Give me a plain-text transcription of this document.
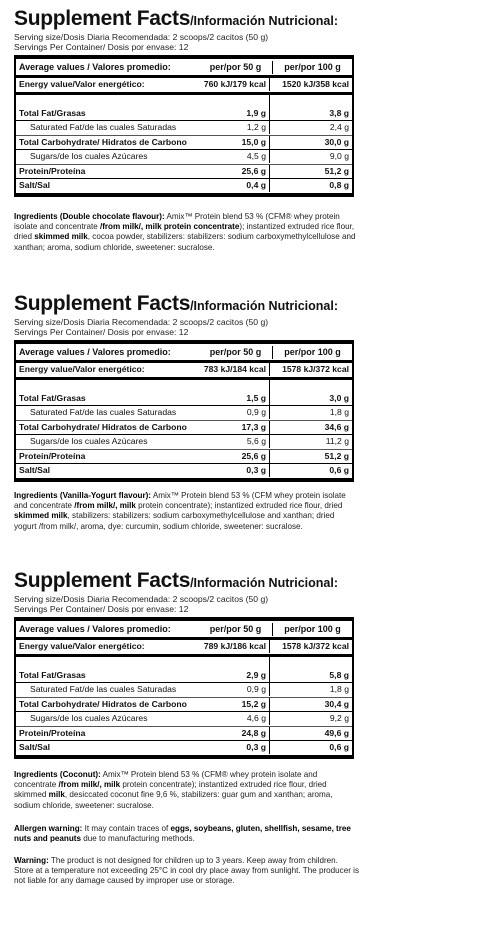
Supplement Facts/Información Nutricional:
Serving size/Dosis Diaria Recomendada: 2 scoops/2 cacitos (50 g)
Servings Per Container/ Dosis por envase: 12
Average values / Valores promedio:	per/por 50 g	per/por 100 g
Energy value/Valor energético:	760 kJ/179 kcal	1520 kJ/358 kcal
Total Fat/Grasas	1,9 g	3,8 g
Saturated Fat/de las cuales Saturadas	1,2 g	2,4 g
Total Carbohydrate/ Hidratos de Carbono	15,0 g	30,0 g
Sugars/de los cuales Azúcares	4,5 g	9,0 g
Protein/Proteína	25,6 g	51,2 g
Salt/Sal	0,4 g	0,8 g
Supplement Facts/Información Nutricional:
Serving size/Dosis Diaria Recomendada: 2 scoops/2 cacitos (50 g)
Servings Per Container/ Dosis por envase: 12
Average values / Valores promedio:	per/por 50 g	per/por 100 g
Energy value/Valor energético:	783 kJ/184 kcal	1578 kJ/372 kcal
Total Fat/Grasas	1,5 g	3,0 g
Saturated Fat/de las cuales Saturadas	0,9 g	1,8 g
Total Carbohydrate/ Hidratos de Carbono	17,3 g	34,6 g
Sugars/de los cuales Azúcares	5,6 g	11,2 g
Protein/Proteína	25,6 g	51,2 g
Salt/Sal	0,3 g	0,6 g
Supplement Facts/Información Nutricional:
Serving size/Dosis Diaria Recomendada: 2 scoops/2 cacitos (50 g)
Servings Per Container/ Dosis por envase: 12
Average values / Valores promedio:	per/por 50 g	per/por 100 g
Energy value/Valor energético:	789 kJ/186 kcal	1578 kJ/372 kcal
Total Fat/Grasas	2,9 g	5,8 g
Saturated Fat/de las cuales Saturadas	0,9 g	1,8 g
Total Carbohydrate/ Hidratos de Carbono	15,2 g	30,4 g
Sugars/de los cuales Azúcares	4,6 g	9,2 g
Protein/Proteína	24,8 g	49,6 g
Salt/Sal	0,3 g	0,6 g
Ingredients (Double chocolate flavour): Amix™ Protein blend 53 % (CFM® whey protein isolate and concentrate /from milk/, milk protein concentrate); instantized extruded rice flour, dried skimmed milk, cocoa powder, stabilizers: stabilizers: sodium carboxymethylcellulose and xanthan; aroma, sodium chloride, sweetener: sucralose.
Ingredients (Vanilla-Yogurt flavour): Amix™ Protein blend 53 % (CFM whey protein isolate and concentrate /from milk/, milk protein concentrate); instantized extruded rice flour, dried skimmed milk, stabilizers: stabilizers: sodium carboxymethylcellulose and xanthan; dried yogurt /from milk/, aroma, dye: curcumin, sodium chloride, sweetener: sucralose.
Ingredients (Coconut): Amix™ Protein blend 53 % (CFM® whey protein isolate and concentrate /from milk/, milk protein concentrate); instantized extruded rice flour, dried skimmed milk, desiccated coconut fine 9,6 %, stabilizers: guar gum and xanthan; aroma, sodium chloride, sweetener: sucralose.
Allergen warning: It may contain traces of eggs, soybeans, gluten, shellfish, sesame, tree nuts and peanuts due to manufacturing methods.
Warning: The product is not designed for children up to 3 years. Keep away from children. Store at a temperature not exceeding 25°C in cool dry place away from sunlight. The producer is not liable for any damage caused by improper use or storage.
